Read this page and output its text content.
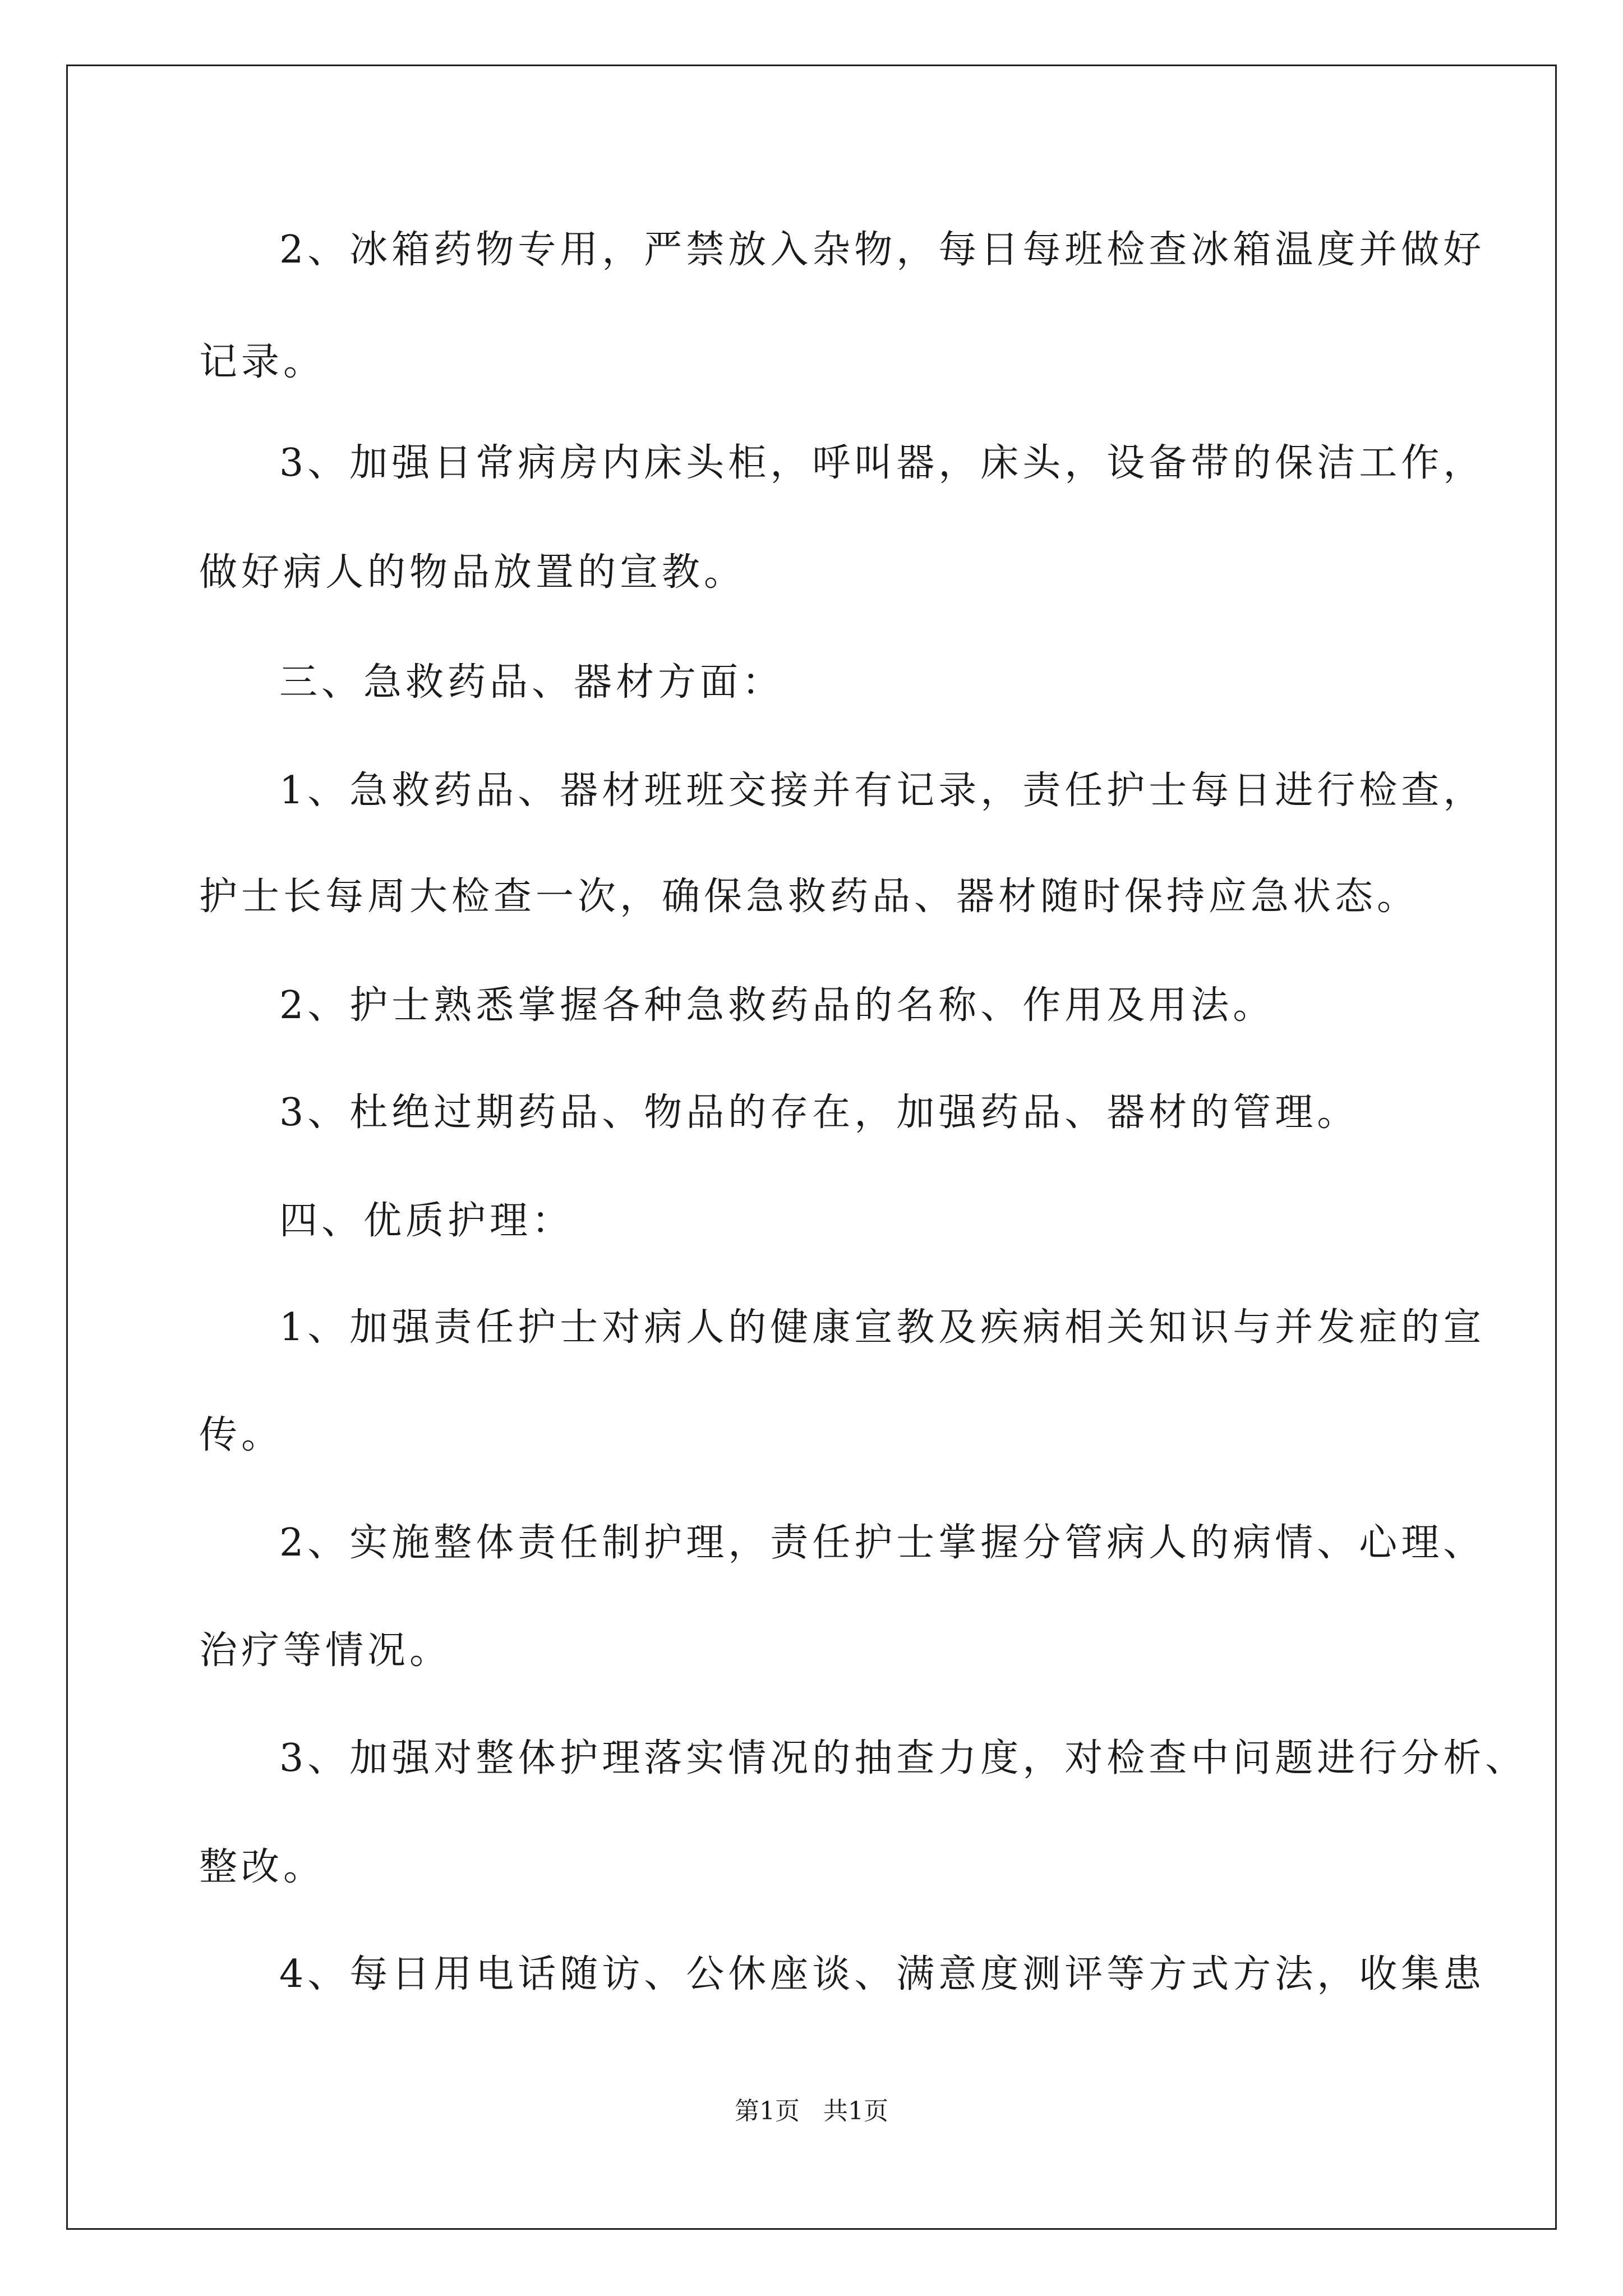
2、冰箱药物专用，严禁放入杂物，每日每班检查冰箱温度并做好
记录。
3、加强日常病房内床头柜，呼叫器，床头，设备带的保洁工作，
做好病人的物品放置的宣教。
三、急救药品、器材方面：
1、急救药品、器材班班交接并有记录，责任护士每日进行检查，
护士长每周大检查一次，确保急救药品、器材随时保持应急状态。
2、护士熟悉掌握各种急救药品的名称、作用及用法。
3、杜绝过期药品、物品的存在，加强药品、器材的管理。
四、优质护理：
1、加强责任护士对病人的健康宣教及疾病相关知识与并发症的宣
传。
2、实施整体责任制护理，责任护士掌握分管病人的病情、心理、
治疗等情况。
3、加强对整体护理落实情况的抽查力度，对检查中问题进行分析、
整改。
4、每日用电话随访、公休座谈、满意度测评等方式方法，收集患
第1页   共1页
